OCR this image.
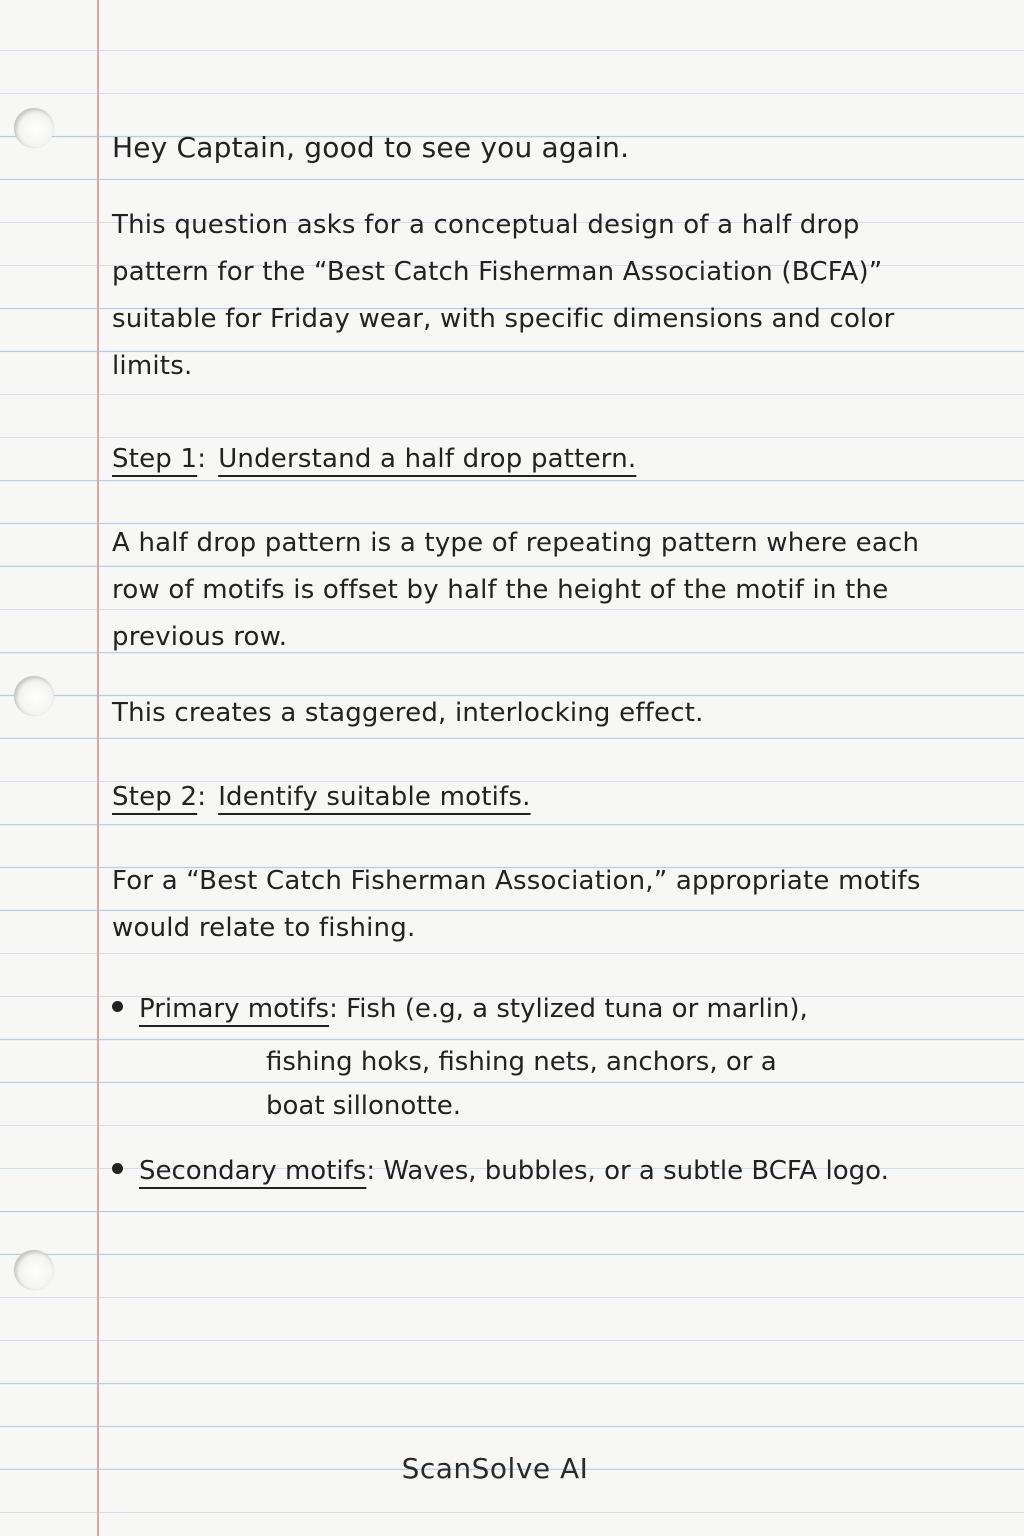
Hey Captain, good to see you again.

This question asks for a conceptual design of a half drop pattern for the “Best Catch Fisherman Association (BCFA)” suitable for Friday wear, with specific dimensions and color limits.

Step 1: Understand a half drop pattern.

A half drop pattern is a type of repeating pattern where each row of motifs is offset by half the height of the motif in the previous row.

This creates a staggered, interlocking effect.

Step 2: Identify suitable motifs.

For a “Best Catch Fisherman Association,” appropriate motifs would relate to fishing.

Primary motifs: Fish (e.g, a stylized tuna or marlin),
fishing hoks, fishing nets, anchors, or a
boat sillonotte.
Secondary motifs: Waves, bubbles, or a subtle BCFA logo.
ScanSolve AI
